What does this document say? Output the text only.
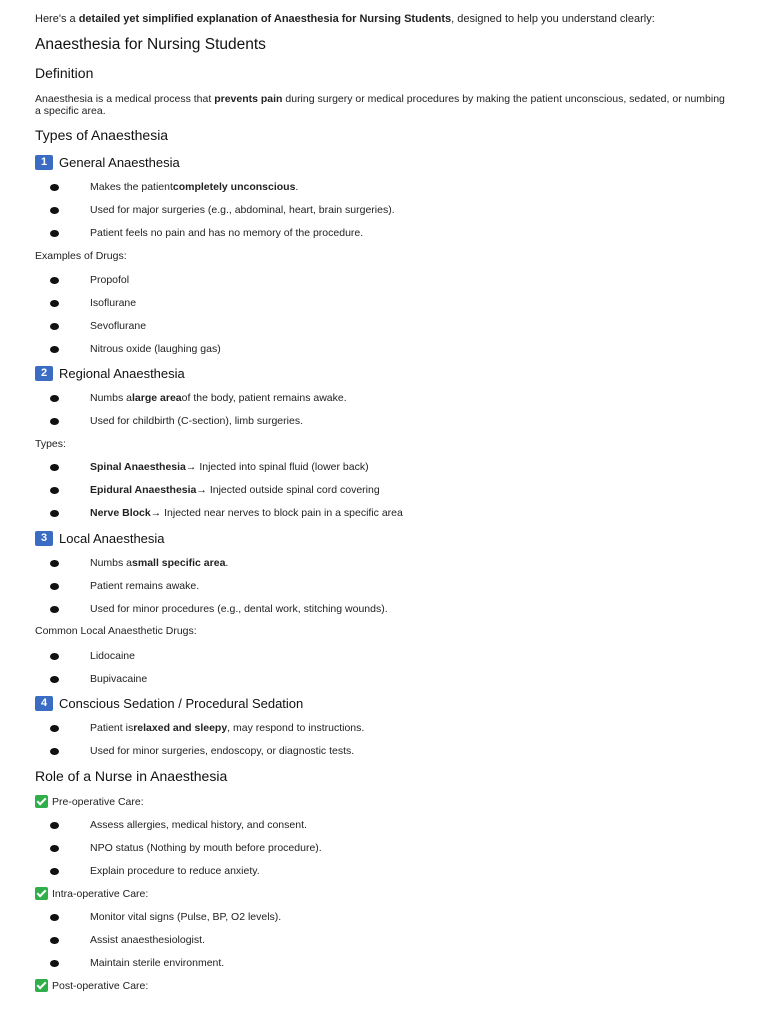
Here's a detailed yet simplified explanation of Anaesthesia for Nursing Students, designed to help you understand clearly:
Anaesthesia for Nursing Students
Definition
Anaesthesia is a medical process that prevents pain during surgery or medical procedures by making the patient unconscious, sedated, or numbing a specific area.
Types of Anaesthesia
1 General Anaesthesia
Makes the patient completely unconscious .
Used for major surgeries (e.g., abdominal, heart, brain surgeries).
Patient feels no pain and has no memory of the procedure.
Examples of Drugs:
Propofol
Isoflurane
Sevoflurane
Nitrous oxide (laughing gas)
2 Regional Anaesthesia
Numbs a large area of the body, patient remains awake.
Used for childbirth (C-section), limb surgeries.
Types:
Spinal Anaesthesia → Injected into spinal fluid (lower back)
Epidural Anaesthesia → Injected outside spinal cord covering
Nerve Block → Injected near nerves to block pain in a specific area
3 Local Anaesthesia
Numbs a small specific area .
Patient remains awake.
Used for minor procedures (e.g., dental work, stitching wounds).
Common Local Anaesthetic Drugs:
Lidocaine
Bupivacaine
4 Conscious Sedation / Procedural Sedation
Patient is relaxed and sleepy , may respond to instructions.
Used for minor surgeries, endoscopy, or diagnostic tests.
Role of a Nurse in Anaesthesia
Pre-operative Care:
Assess allergies, medical history, and consent.
NPO status (Nothing by mouth before procedure).
Explain procedure to reduce anxiety.
Intra-operative Care:
Monitor vital signs (Pulse, BP, O2 levels).
Assist anaesthesiologist.
Maintain sterile environment.
Post-operative Care:
